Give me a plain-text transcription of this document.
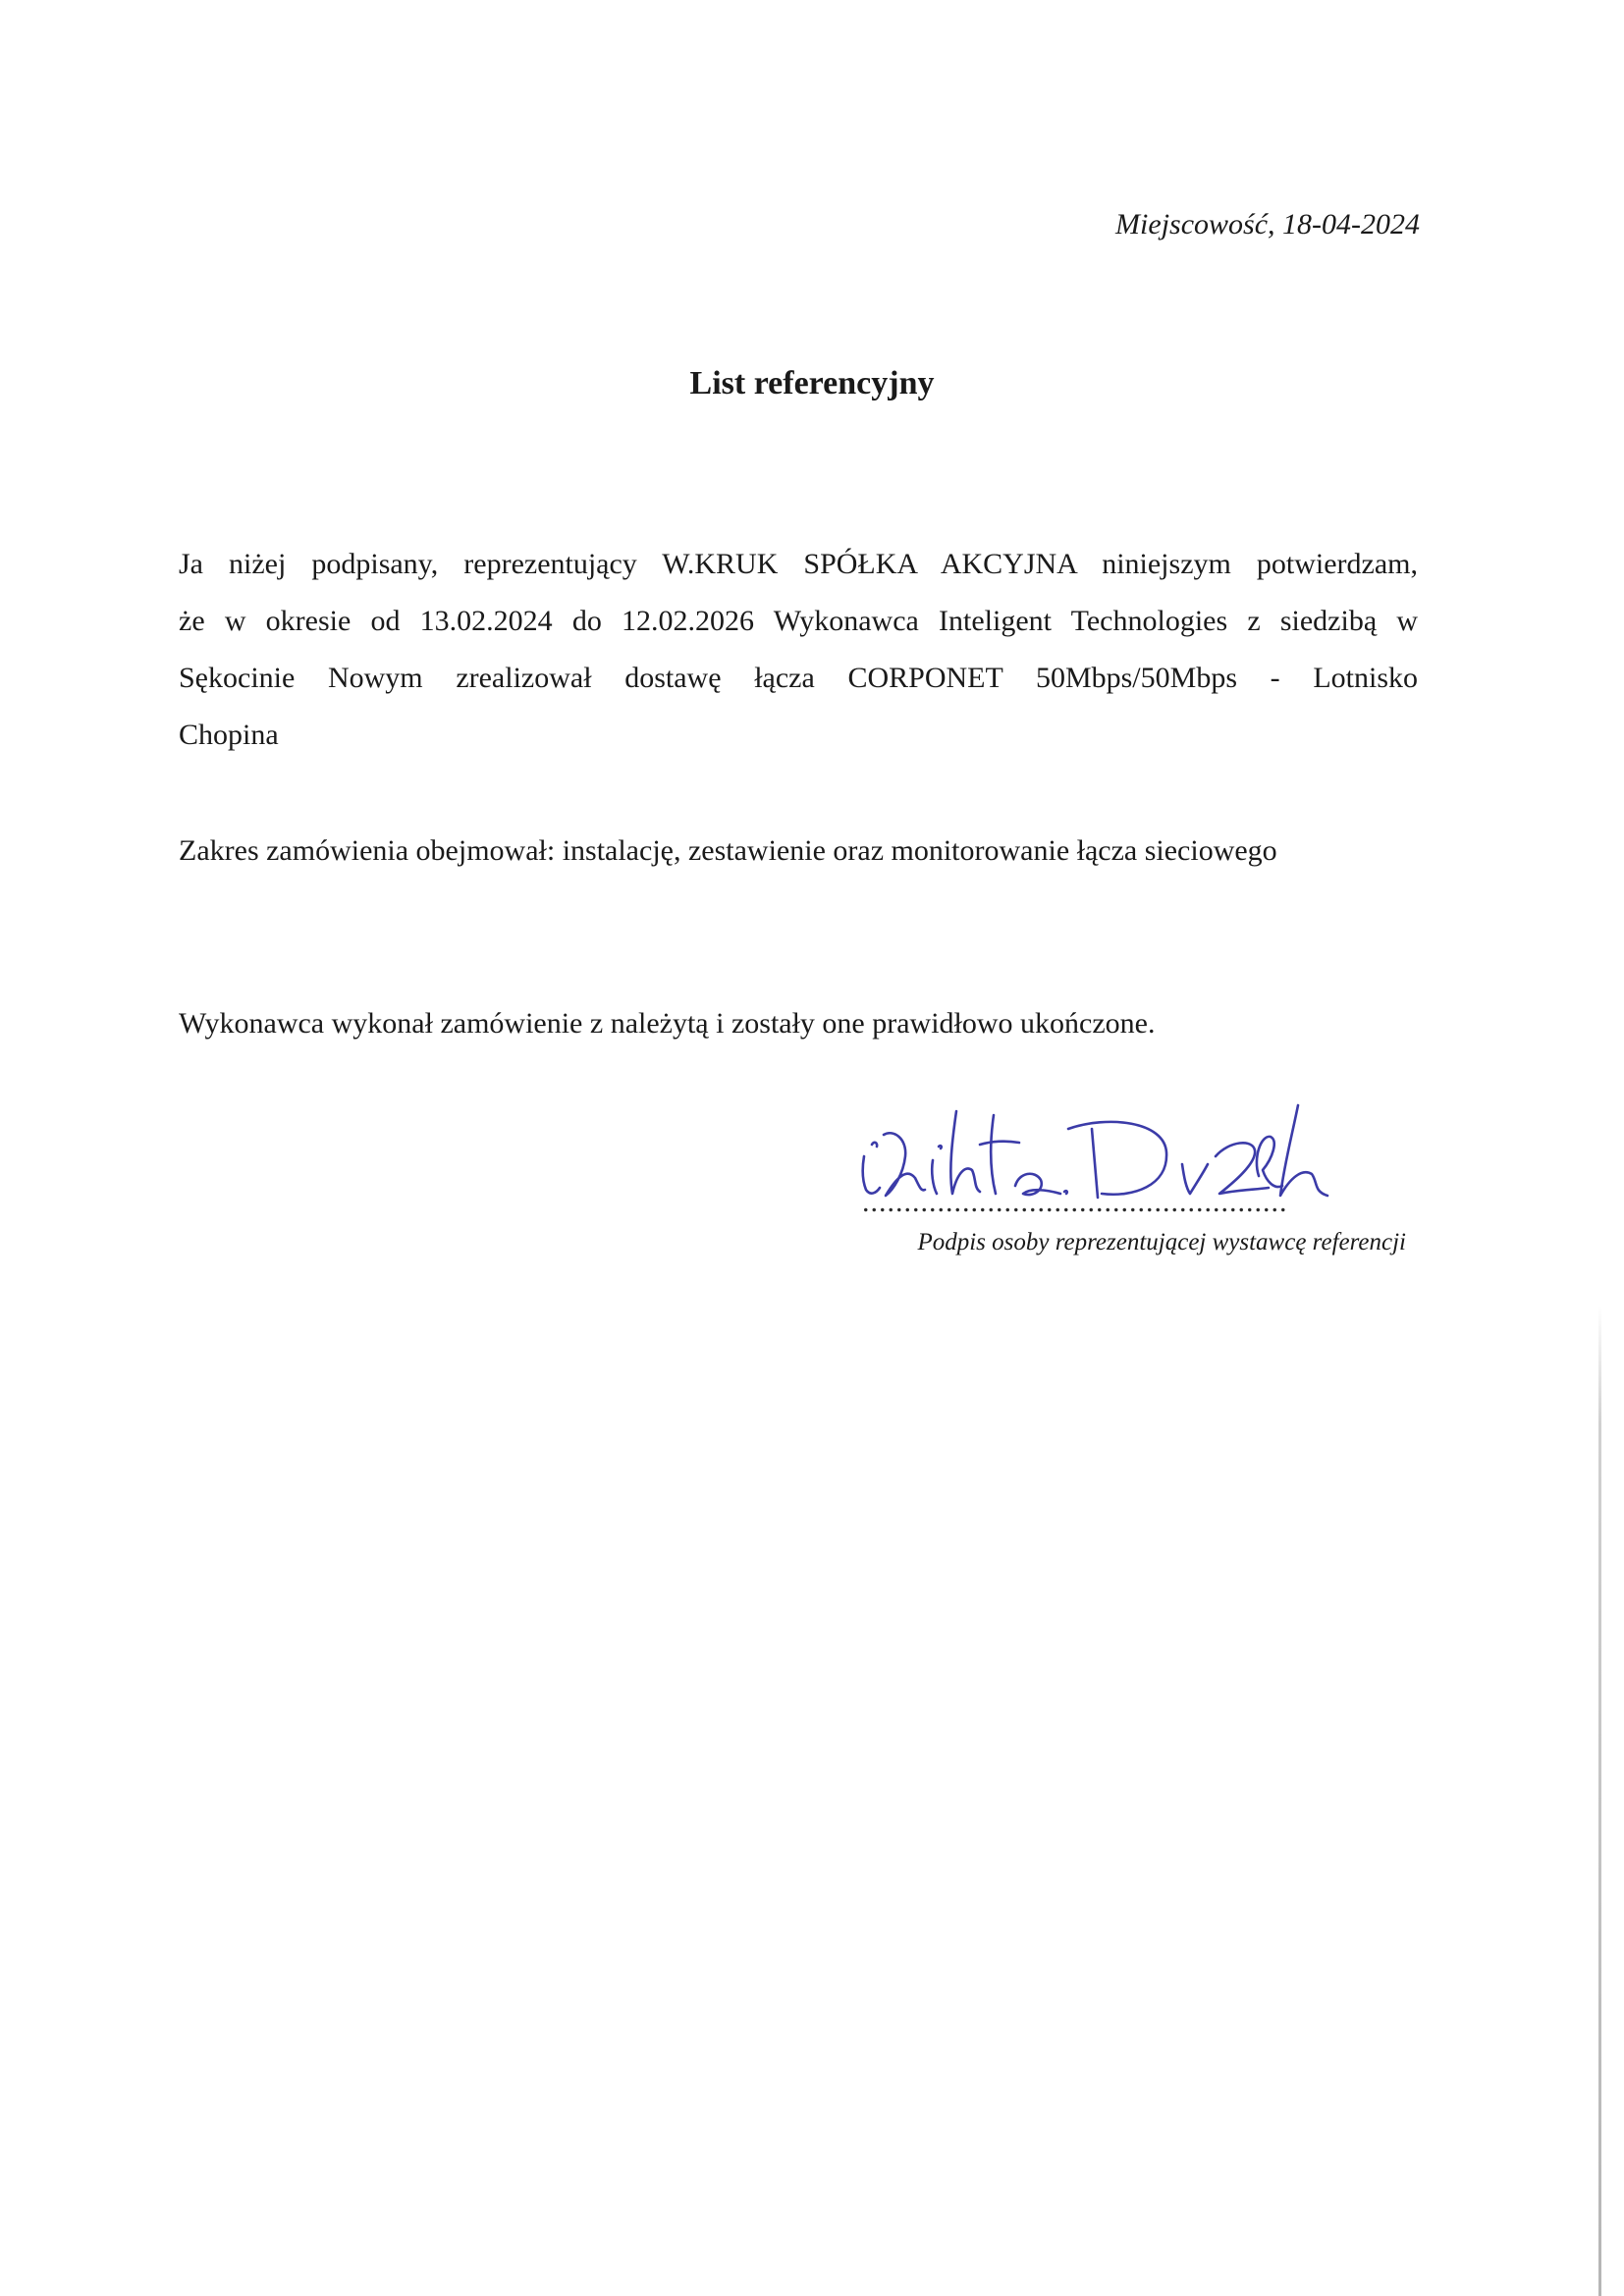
Miejscowość, 18-04-2024
List referencyjny

Ja niżej podpisany, reprezentujący W.KRUK SPÓŁKA AKCYJNA niniejszym potwierdzam,
że w okresie od 13.02.2024 do 12.02.2026 Wykonawca Inteligent Technologies z siedzibą w
Sękocinie Nowym zrealizował dostawę łącza CORPONET 50Mbps/50Mbps - Lotnisko
Chopina

Zakres zamówienia obejmował: instalację, zestawienie oraz monitorowanie łącza sieciowego

Wykonawca wykonał zamówienie z należytą i zostały one prawidłowo ukończone.

...................................................
Podpis osoby reprezentującej wystawcę referencji
